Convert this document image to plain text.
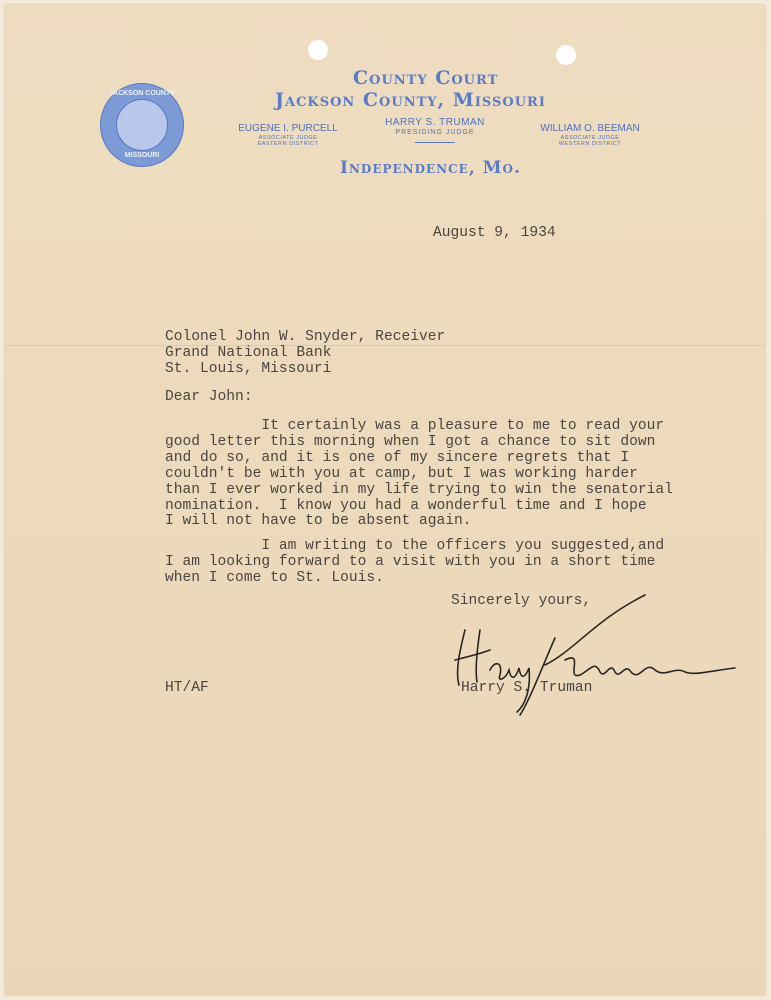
JACKSON COUNTY
MISSOURI
County Court
Jackson County, Missouri
EUGENE I. PURCELL
ASSOCIATE JUDGE
EASTERN DISTRICT
HARRY S. TRUMAN
PRESIDING JUDGE	WILLIAM O. BEEMAN
ASSOCIATE JUDGE
WESTERN DISTRICT
Independence, Mo.
August 9, 1934
Colonel John W. Snyder, Receiver
Grand National Bank
St. Louis, Missouri
Dear John:
It certainly was a pleasure to me to read your
good letter this morning when I got a chance to sit down
and do so, and it is one of my sincere regrets that I
couldn't be with you at camp, but I was working harder
than I ever worked in my life trying to win the senatorial
nomination.  I know you had a wonderful time and I hope
I will not have to be absent again.
I am writing to the officers you suggested,and
I am looking forward to a visit with you in a short time
when I come to St. Louis.
Sincerely yours,
Harry S. Truman
HT/AF
